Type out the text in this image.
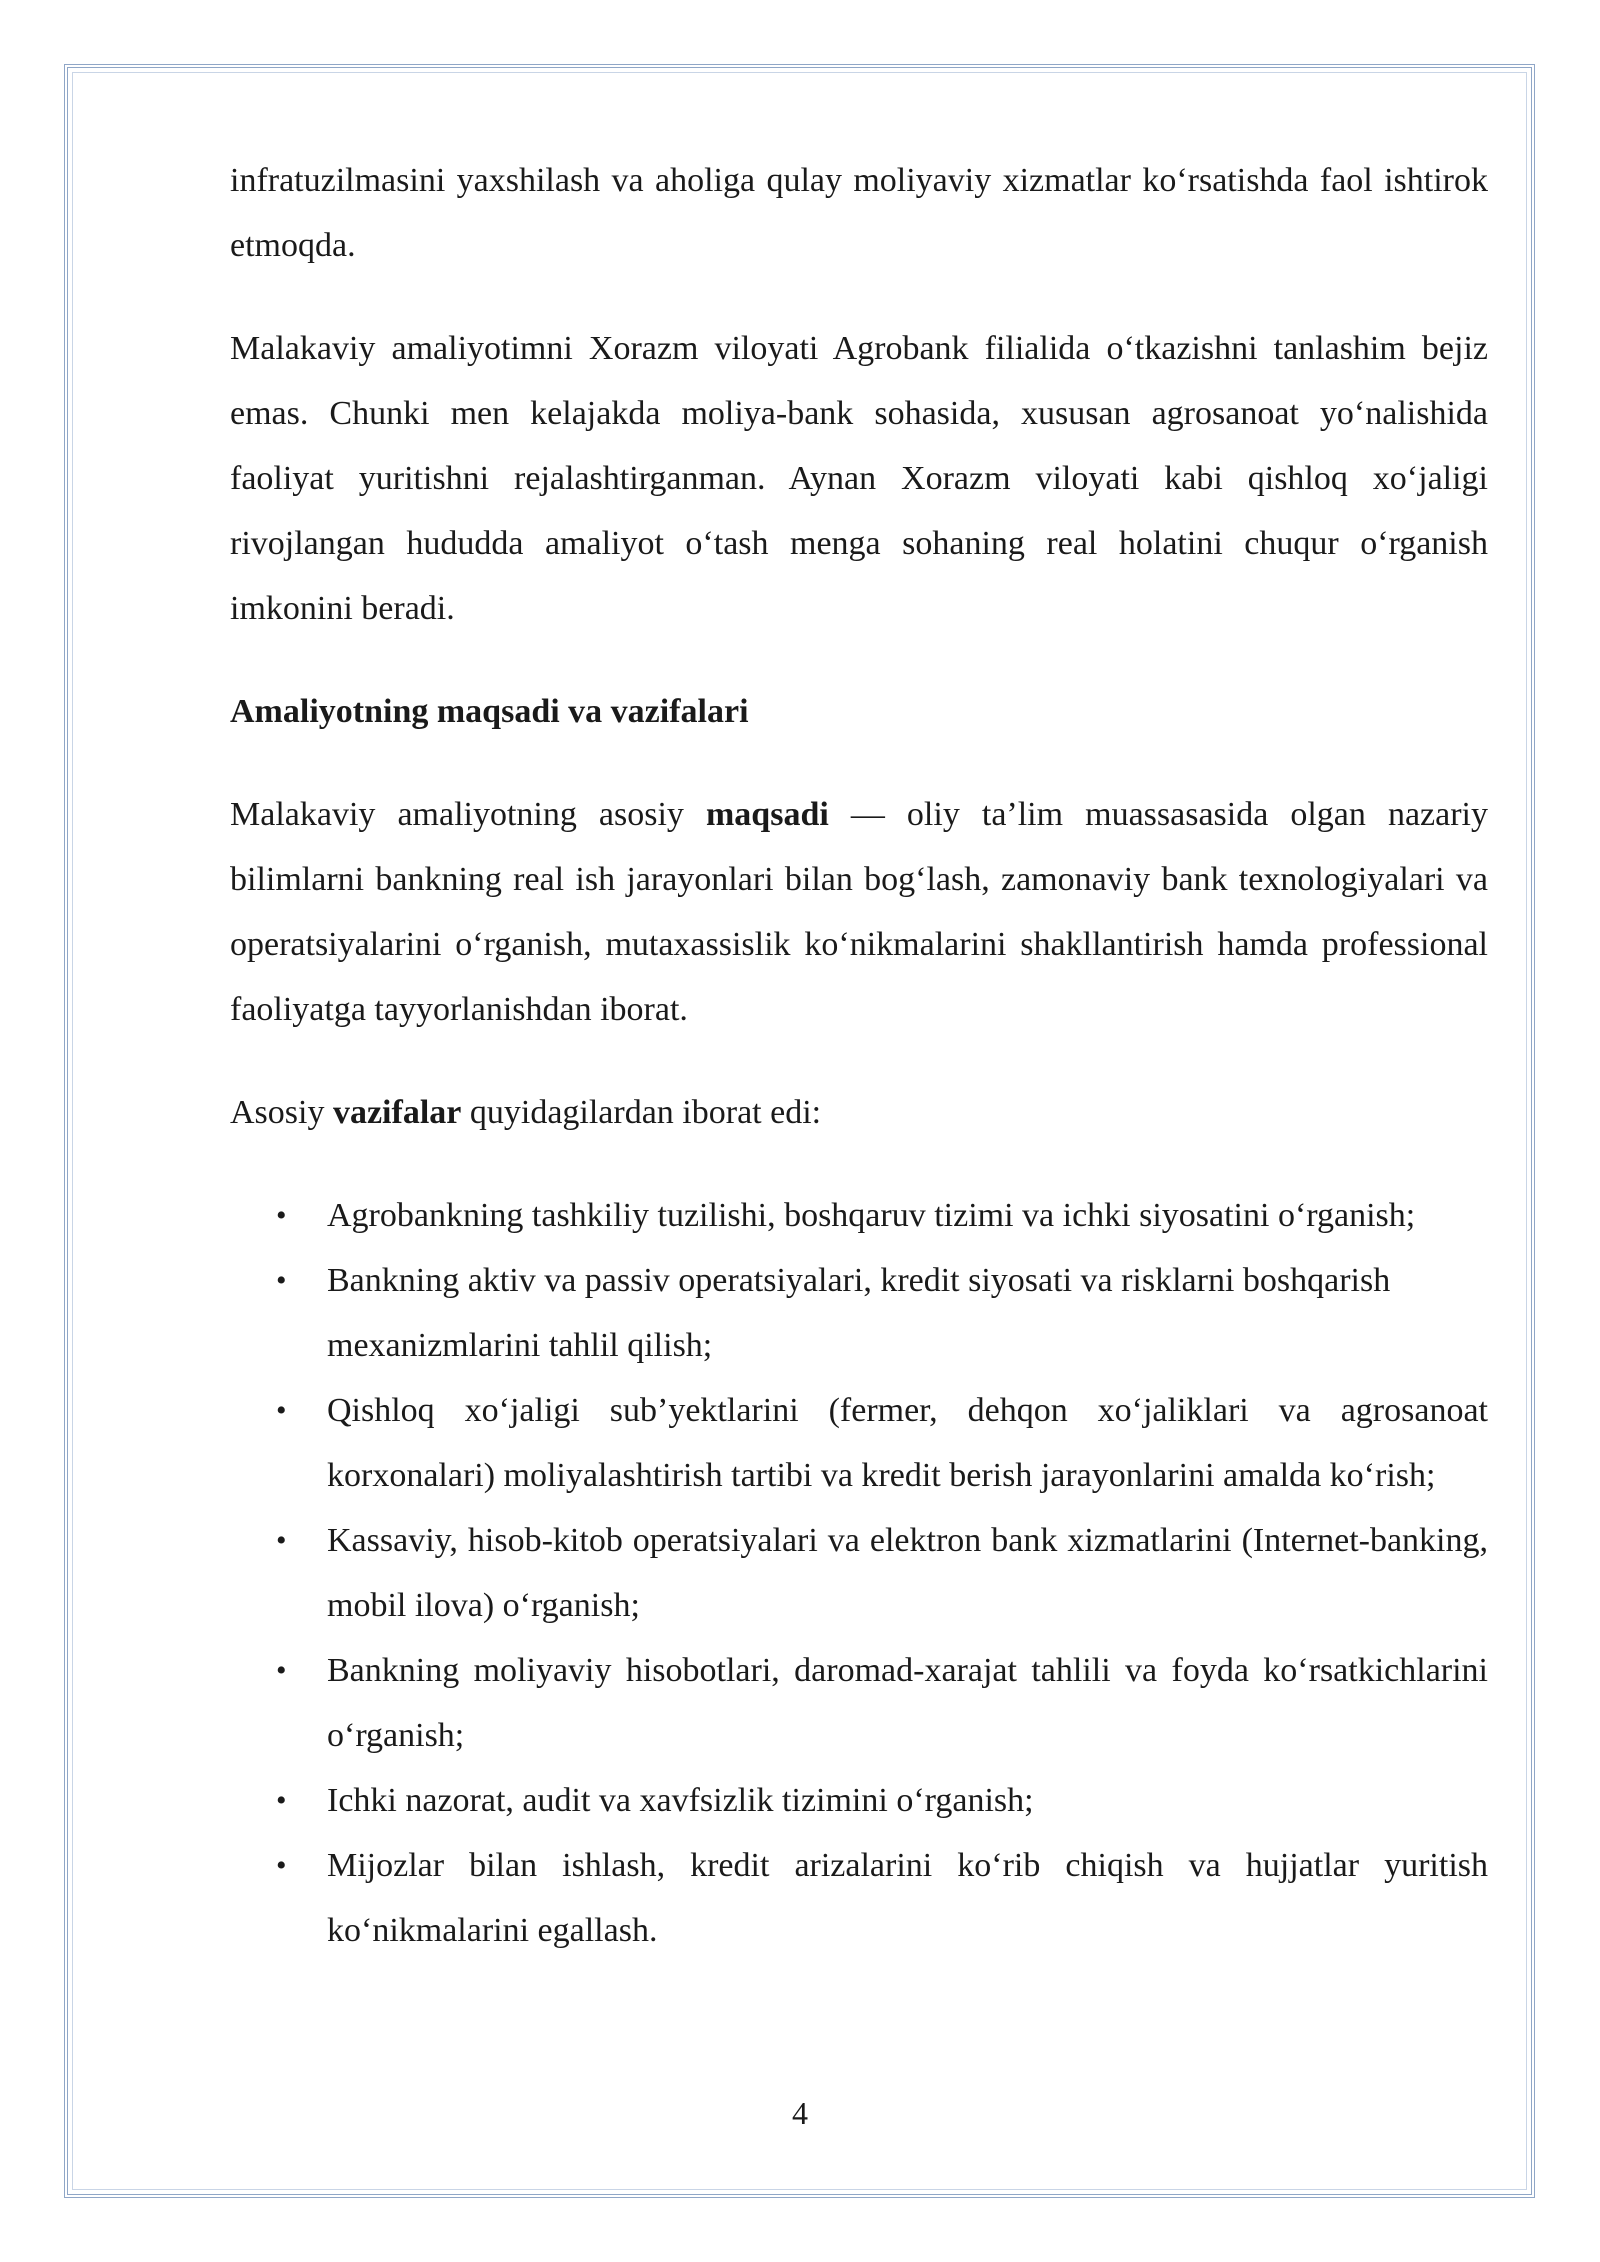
infratuzilmasini yaxshilash va aholiga qulay moliyaviy xizmatlar ko‘rsatishda faol ishtirok etmoqda.

Malakaviy amaliyotimni Xorazm viloyati Agrobank filialida o‘tkazishni tanlashim bejiz emas. Chunki men kelajakda moliya-bank sohasida, xususan agrosanoat yo‘nalishida faoliyat yuritishni rejalashtirganman. Aynan Xorazm viloyati kabi qishloq xo‘jaligi rivojlangan hududda amaliyot o‘tash menga sohaning real holatini chuqur o‘rganish imkonini beradi.

Amaliyotning maqsadi va vazifalari

Malakaviy amaliyotning asosiy maqsadi — oliy ta’lim muassasasida olgan nazariy bilimlarni bankning real ish jarayonlari bilan bog‘lash, zamonaviy bank texnologiyalari va operatsiyalarini o‘rganish, mutaxassislik ko‘nikmalarini shakllantirish hamda professional faoliyatga tayyorlanishdan iborat.

Asosiy vazifalar quyidagilardan iborat edi:

• Agrobankning tashkiliy tuzilishi, boshqaruv tizimi va ichki siyosatini o‘rganish;
• Bankning aktiv va passiv operatsiyalari, kredit siyosati va risklarni boshqarish mexanizmlarini tahlil qilish;
• Qishloq xo‘jaligi sub’yektlarini (fermer, dehqon xo‘jaliklari va agrosanoat korxonalari) moliyalashtirish tartibi va kredit berish jarayonlarini amalda ko‘rish;
• Kassaviy, hisob-kitob operatsiyalari va elektron bank xizmatlarini (Internet-banking, mobil ilova) o‘rganish;
• Bankning moliyaviy hisobotlari, daromad-xarajat tahlili va foyda ko‘rsatkichlarini o‘rganish;
• Ichki nazorat, audit va xavfsizlik tizimini o‘rganish;
• Mijozlar bilan ishlash, kredit arizalarini ko‘rib chiqish va hujjatlar yuritish ko‘nikmalarini egallash.
4
